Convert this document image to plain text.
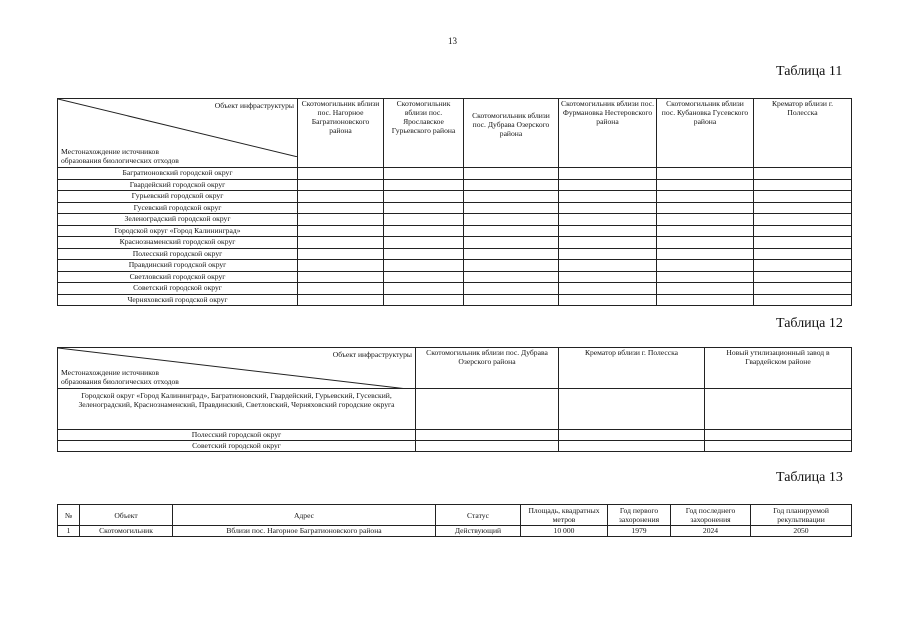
13
Таблица 11
Объект инфраструктуры
Местонахождение источников образования биологических отходов	Скотомогильник вблизи пос. Нагорное Багратионовского района	Скотомогильник вблизи пос. Ярославское Гурьевского района	Скотомогильник вблизи пос. Дубрава Озерского района	Скотомогильник вблизи пос. Фурмановка Нестеровского района	Скотомогильник вблизи пос. Кубановка Гусевского района	Крематор вблизи г. Полесска
Багратионовский городской округ						
Гвардейский городской округ						
Гурьевский городской округ						
Гусевский городской округ						
Зеленоградский городской округ						
Городской округ «Город Калининград»						
Краснознаменский городской округ						
Полесский городской округ						
Правдинский городской округ						
Светловский городской округ						
Советский городской округ						
Черняховский городской округ						
Таблица 12
Объект инфраструктуры
Местонахождение источников образования биологических отходов	Скотомогильник вблизи пос. Дубрава Озерского района	Крематор вблизи г. Полесска	Новый утилизационный завод в Гвардейском районе
Городской округ «Город Калининград», Багратионовский, Гвардейский, Гурьевский, Гусевский, Зеленоградский, Краснознаменский, Правдинский, Светловский, Черняховский городские округа			
Полесский городской округ			
Советский городской округ			
Таблица 13
№	Объект	Адрес	Статус	Площадь, квадратных метров	Год первого захоронения	Год последнего захоронения	Год планируемой рекультивации
1	Скотомогильник	Вблизи пос. Нагорное Багратионовского района	Действующий	10 000	1979	2024	2050
